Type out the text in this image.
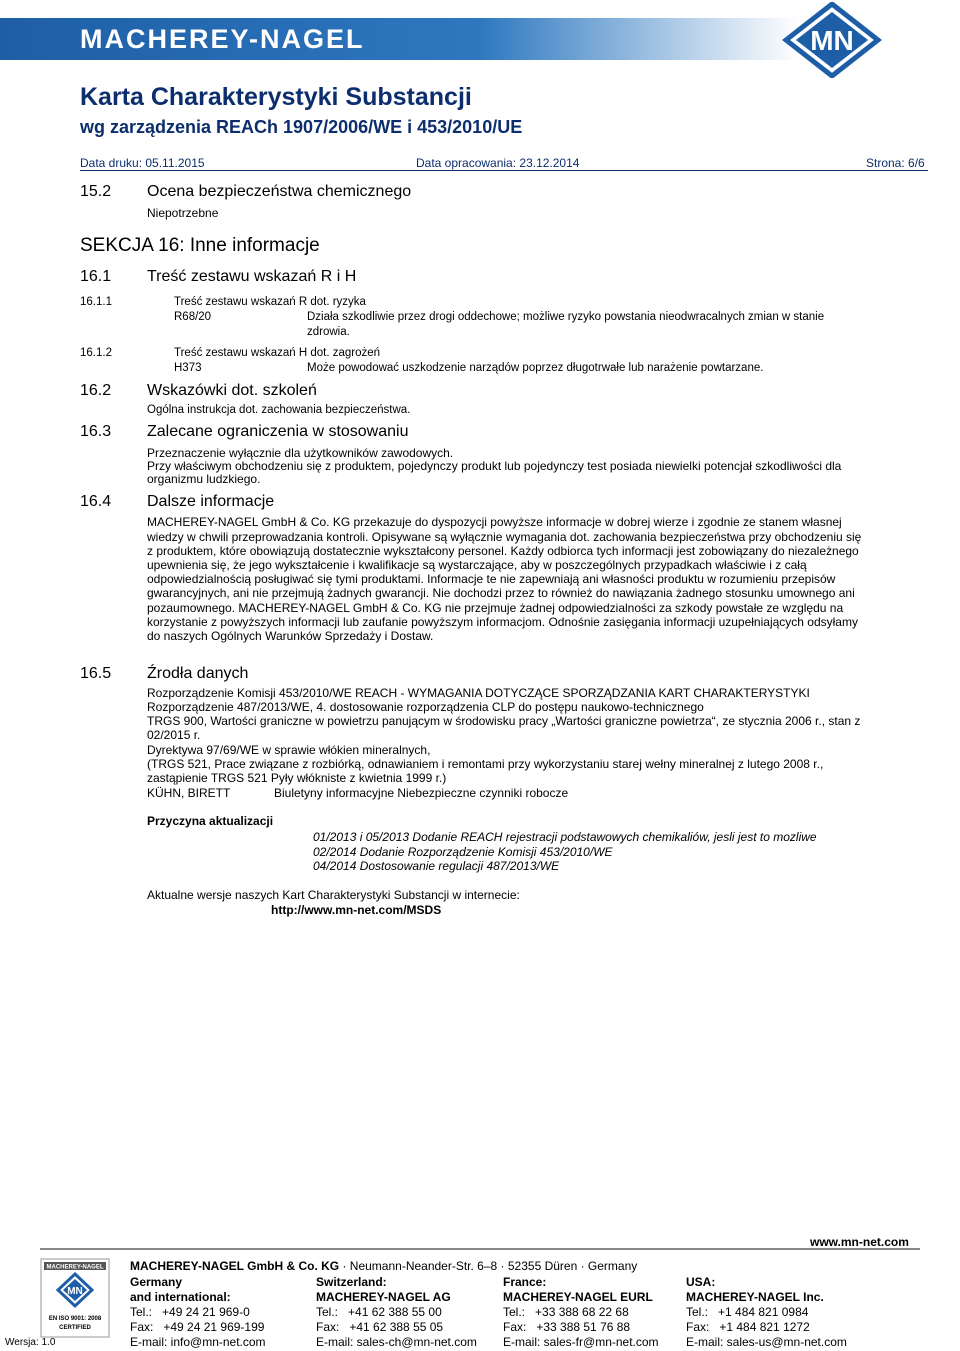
MACHEREY-NAGEL	MN
Karta Charakterystyki Substancji
wg zarządzenia REACh 1907/2006/WE i 453/2010/UE
Data druku: 05.11.2015	Data opracowania: 23.12.2014	Strona: 6/6
15.2 Ocena bezpieczeństwa chemicznego
Niepotrzebne
SEKCJA 16: Inne informacje
16.1 Treść zestawu wskazań R i H
16.1.1	Treść zestawu wskazań R dot. ryzyka
R68/20	Działa szkodliwie przez drogi oddechowe; możliwe ryzyko powstania nieodwracalnych zmian w stanie
zdrowia.
16.1.2	Treść zestawu wskazań H dot. zagrożeń
H373	Może powodować uszkodzenie narządów poprzez długotrwałe lub narażenie powtarzane.
16.2 Wskazówki dot. szkoleń
Ogólna instrukcja dot. zachowania bezpieczeństwa.
16.3 Zalecane ograniczenia w stosowaniu
Przeznaczenie wyłącznie dla użytkowników zawodowych.
Przy właściwym obchodzeniu się z produktem, pojedynczy produkt lub pojedynczy test posiada niewielki potencjał szkodliwości dla
organizmu ludzkiego.
16.4 Dalsze informacje
MACHEREY-NAGEL GmbH & Co. KG przekazuje do dyspozycji powyższe informacje w dobrej wierze i zgodnie ze stanem własnej
wiedzy w chwili przeprowadzania kontroli. Opisywane są wyłącznie wymagania dot. zachowania bezpieczeństwa przy obchodzeniu się
z produktem, które obowiązują dostatecznie wykształcony personel. Każdy odbiorca tych informacji jest zobowiązany do niezależnego
upewnienia się, że jego wykształcenie i kwalifikacje są wystarczające, aby w poszczególnych przypadkach właściwie i z całą
odpowiedzialnością posługiwać się tymi produktami. Informacje te nie zapewniają ani własności produktu w rozumieniu przepisów
gwarancyjnych, ani nie przejmują żadnych gwarancji. Nie dochodzi przez to również do nawiązania żadnego stosunku umownego ani
pozaumownego. MACHEREY-NAGEL GmbH & Co. KG nie przejmuje żadnej odpowiedzialności za szkody powstałe ze względu na
korzystanie z powyższych informacji lub zaufanie powyższym informacjom. Odnośnie zasięgania informacji uzupełniających odsyłamy
do naszych Ogólnych Warunków Sprzedaży i Dostaw.
16.5 Źrodła danych
Rozporządzenie Komisji 453/2010/WE REACH - WYMAGANIA DOTYCZĄCE SPORZĄDZANIA KART CHARAKTERYSTYKI
Rozporządzenie 487/2013/WE, 4. dostosowanie rozporządzenia CLP do postępu naukowo-technicznego
TRGS 900, Wartości graniczne w powietrzu panującym w środowisku pracy „Wartości graniczne powietrza“, ze stycznia 2006 r., stan z
02/2015 r.
Dyrektywa 97/69/WE w sprawie włókien mineralnych,
(TRGS 521, Prace związane z rozbiórką, odnawianiem i remontami przy wykorzystaniu starej wełny mineralnej z lutego 2008 r.,
zastąpienie TRGS 521 Pyły włókniste z kwietnia 1999 r.)
KÜHN, BIRETT	Biuletyny informacyjne Niebezpieczne czynniki robocze
Przyczyna aktualizacji
01/2013 i 05/2013 Dodanie REACH rejestracji podstawowych chemikaliów, jesli jest to mozliwe
02/2014 Dodanie Rozporządzenie Komisji 453/2010/WE
04/2014 Dostosowanie regulacji 487/2013/WE
Aktualne wersje naszych Kart Charakterystyki Substancji w internecie:
http://www.mn-net.com/MSDS
www.mn-net.com
MACHEREY-NAGEL
MN
EN ISO 9001: 2008
CERTIFIED
Wersja: 1.0
MACHEREY-NAGEL GmbH & Co. KG · Neumann-Neander-Str. 6–8 · 52355 Düren · Germany
Germany
and international:
Tel.:   +49 24 21 969-0
Fax:   +49 24 21 969-199
E-mail: info@mn-net.com
Switzerland:
MACHEREY-NAGEL AG
Tel.:   +41 62 388 55 00
Fax:   +41 62 388 55 05
E-mail: sales-ch@mn-net.com
France:
MACHEREY-NAGEL EURL
Tel.:   +33 388 68 22 68
Fax:   +33 388 51 76 88
E-mail: sales-fr@mn-net.com
USA:
MACHEREY-NAGEL Inc.
Tel.:   +1 484 821 0984
Fax:   +1 484 821 1272
E-mail: sales-us@mn-net.com
